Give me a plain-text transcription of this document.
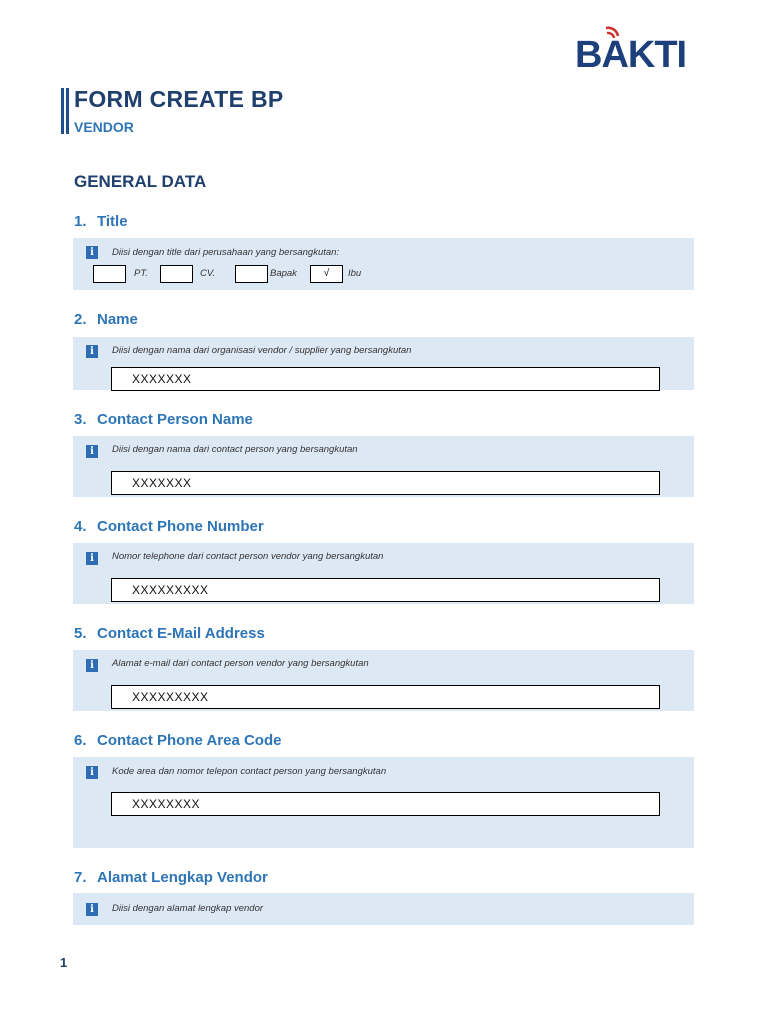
BAKTI
FORM CREATE BP
VENDOR
GENERAL DATA
1. Title
i	Diisi dengan title dari perusahaan yang bersangkutan:
PT.	CV.	Bapak	√	Ibu
2. Name
i	Diisi dengan nama dari organisasi vendor / supplier yang bersangkutan
XXXXXXX
3. Contact Person Name
i	Diisi dengan nama dari contact person yang bersangkutan
XXXXXXX
4. Contact Phone Number
i	Nomor telephone dari contact person vendor yang bersangkutan
XXXXXXXXX
5. Contact E-Mail Address
i	Alamat e-mail dari contact person vendor yang bersangkutan
XXXXXXXXX
6. Contact Phone Area Code
i	Kode area dan nomor telepon contact person yang bersangkutan
XXXXXXXX
7. Alamat Lengkap Vendor
i	Diisi dengan alamat lengkap vendor
1
